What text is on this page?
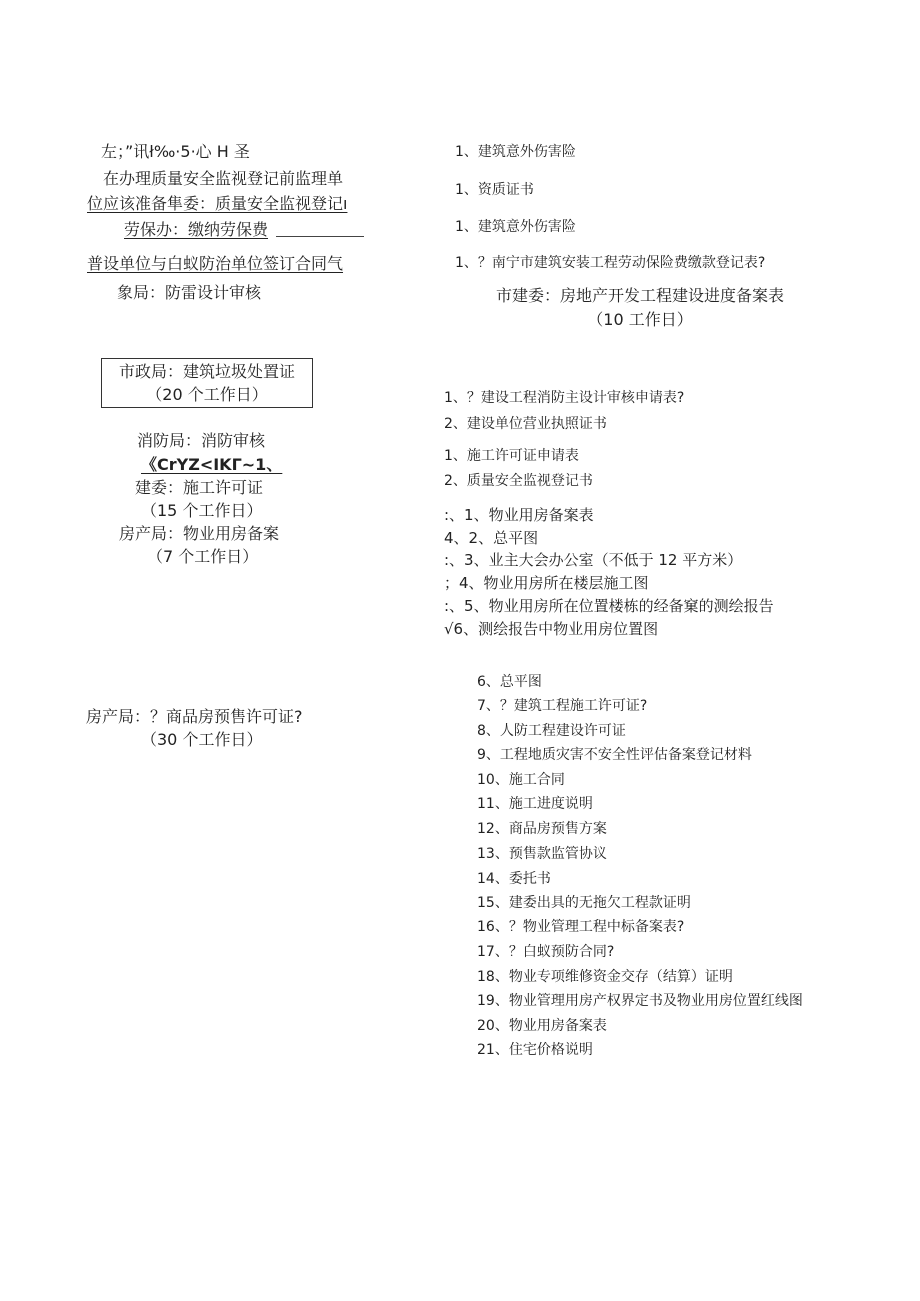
左；”讯ł‰·5·心 H 圣
在办理质量安全监视登记前监理单
位应该准备隼委：质量安全监视登记ı
劳保办：缴纳劳保费
普设单位与白蚁防治单位签订合同气
象局：防雷设计审核
市政局：建筑垃圾处置证
（20 个工作日）
消防局：消防审核
《CrYZ<IKΓ~1、
建委：施工许可证
（15 个工作日）
房产局：物业用房备案
（7 个工作日）
房产局：？商品房预售许可证?
（30 个工作日）
1、建筑意外伤害险
1、资质证书
1、建筑意外伤害险
1、？南宁市建筑安装工程劳动保险费缴款登记表?
市建委：房地产开发工程建设进度备案表
（10 工作日）
1、？建设工程消防主设计审核申请表?
2、建设单位营业执照证书
1、施工许可证申请表
2、质量安全监视登记书
:、1、物业用房备案表
4、2、总平图
:、3、业主大会办公室（不低于 12 平方米）
；4、物业用房所在楼层施工图
:、5、物业用房所在位置楼栋的经备窠的测绘报告
√6、测绘报告中物业用房位置图
6、总平图
7、？建筑工程施工许可证?
8、人防工程建设许可证
9、工程地质灾害不安全性评估备案登记材料
10、施工合同
11、施工进度说明
12、商品房预售方案
13、预售款监管协议
14、委托书
15、建委出具的无拖欠工程款证明
16、？物业管理工程中标备案表?
17、？白蚁预防合同?
18、物业专项维修资金交存（结算）证明
19、物业管理用房产权界定书及物业用房位置红线图
20、物业用房备案表
21、住宅价格说明
